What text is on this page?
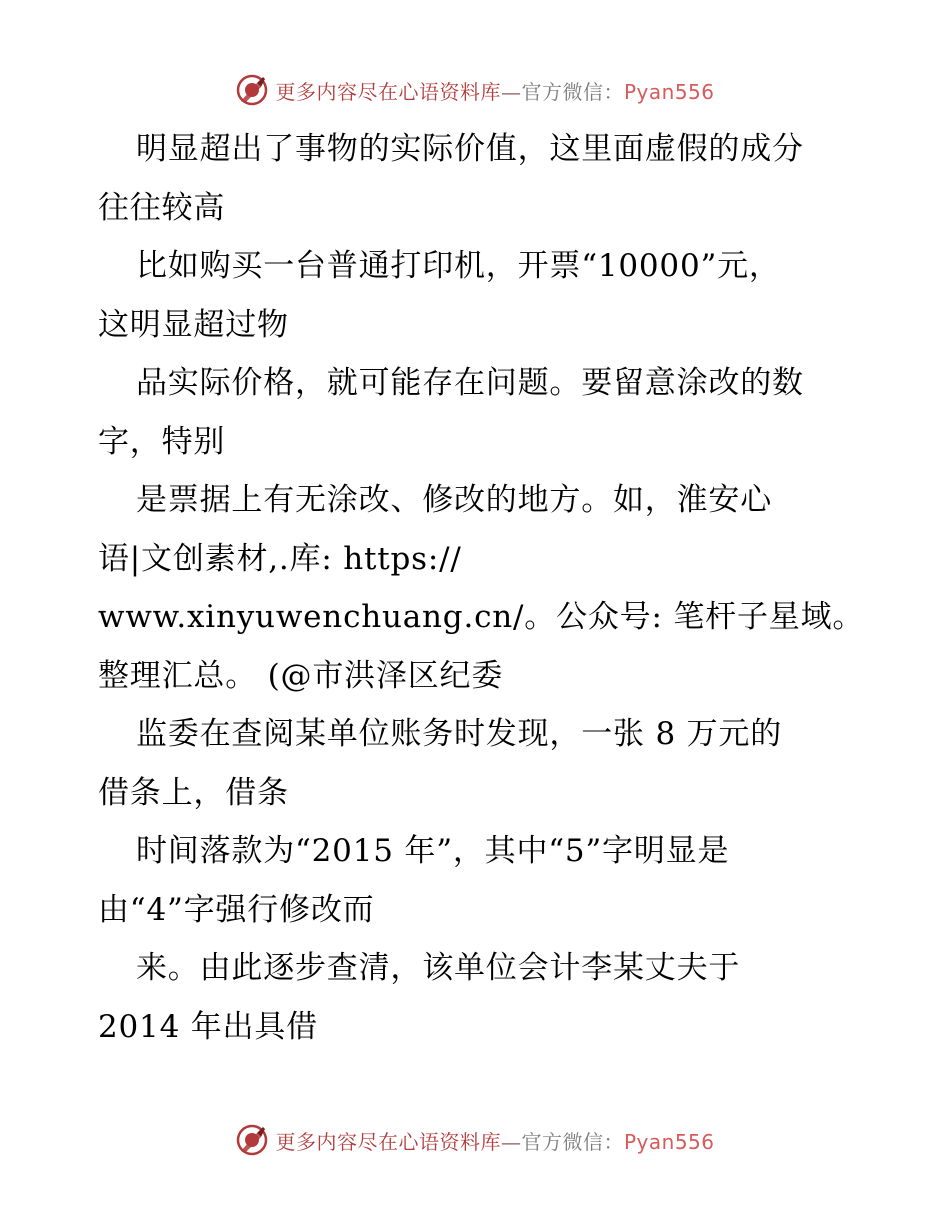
更多内容尽在心语资料库—官方微信：Pyan556
明显超出了事物的实际价值，这里面虚假的成分
往往较高
比如购买一台普通打印机，开票“10000”元，
这明显超过物
品实际价格，就可能存在问题。要留意涂改的数
字，特别
是票据上有无涂改、修改的地方。如，淮安心
语|文创素材,.库: https://
www.xinyuwenchuang.cn/。公众号: 笔杆子星域。
整理汇总。 (@市洪泽区纪委
监委在查阅某单位账务时发现，一张 8 万元的
借条上，借条
时间落款为“2015 年”，其中“5”字明显是
由“4”字强行修改而
来。由此逐步查清，该单位会计李某丈夫于
2014 年出具借
更多内容尽在心语资料库—官方微信：Pyan556
